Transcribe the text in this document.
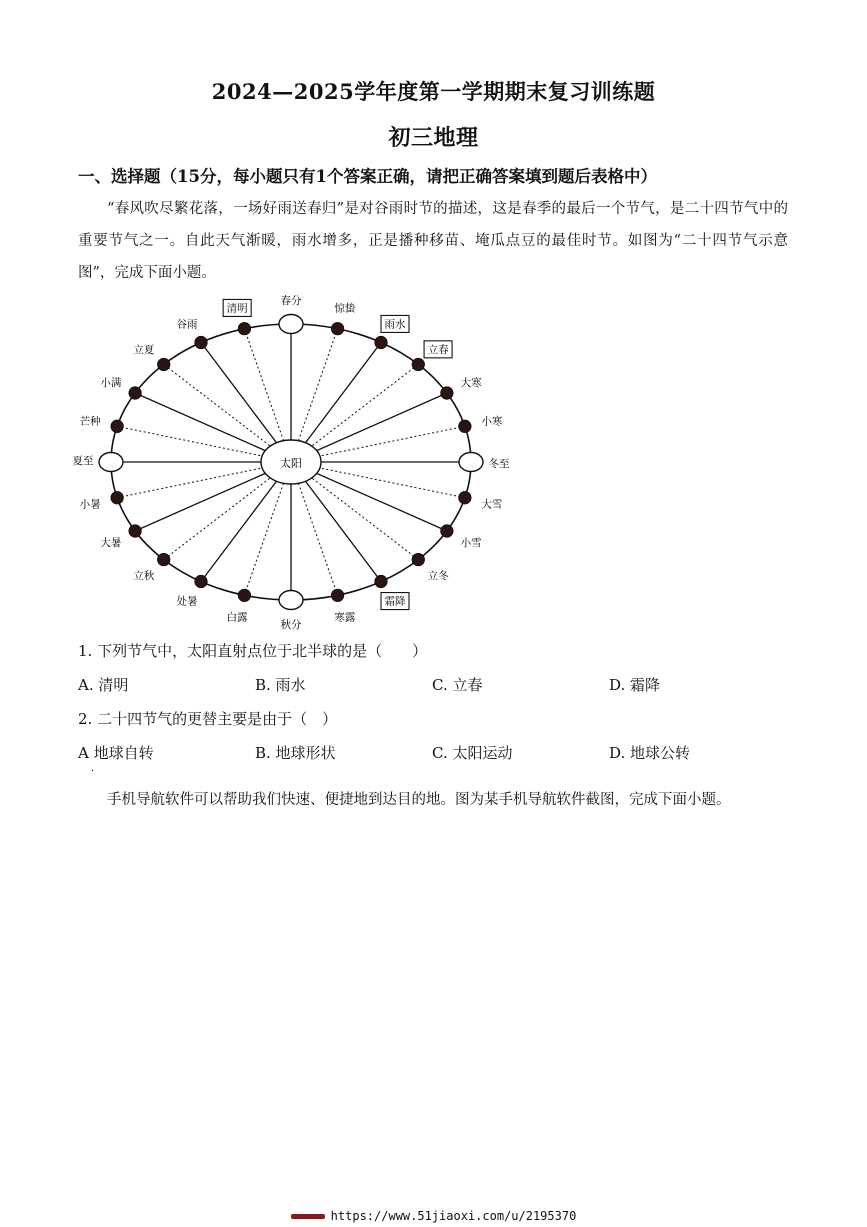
2024—2025学年度第一学期期末复习训练题
初三地理
一、选择题（15分，每小题只有1个答案正确，请把正确答案填到题后表格中）
“春风吹尽繁花落，一场好雨送春归”是对谷雨时节的描述，这是春季的最后一个节气，是二十四节气中的重要节气之一。自此天气渐暖，雨水增多，正是播种移苗、埯瓜点豆的最佳时节。如图为“二十四节气示意图”，完成下面小题。
太阳	冬至
小寒
大寒
立春
雨水
惊蛰
春分
清明
谷雨
立夏
小满
芒种
夏至
小暑
大暑
立秋
处暑
白露
秋分
寒露
霜降
立冬
小雪
大雪
1. 下列节气中，太阳直射点位于北半球的是（　　）
A. 清明	B. 雨水	C. 立春	D. 霜降
2. 二十四节气的更替主要是由于（　）
A 地球自转	B. 地球形状	C. 太阳运动	D. 地球公转
·
手机导航软件可以帮助我们快速、便捷地到达目的地。图为某手机导航软件截图，完成下面小题。
https://www.51jiaoxi.com/u/2195370
